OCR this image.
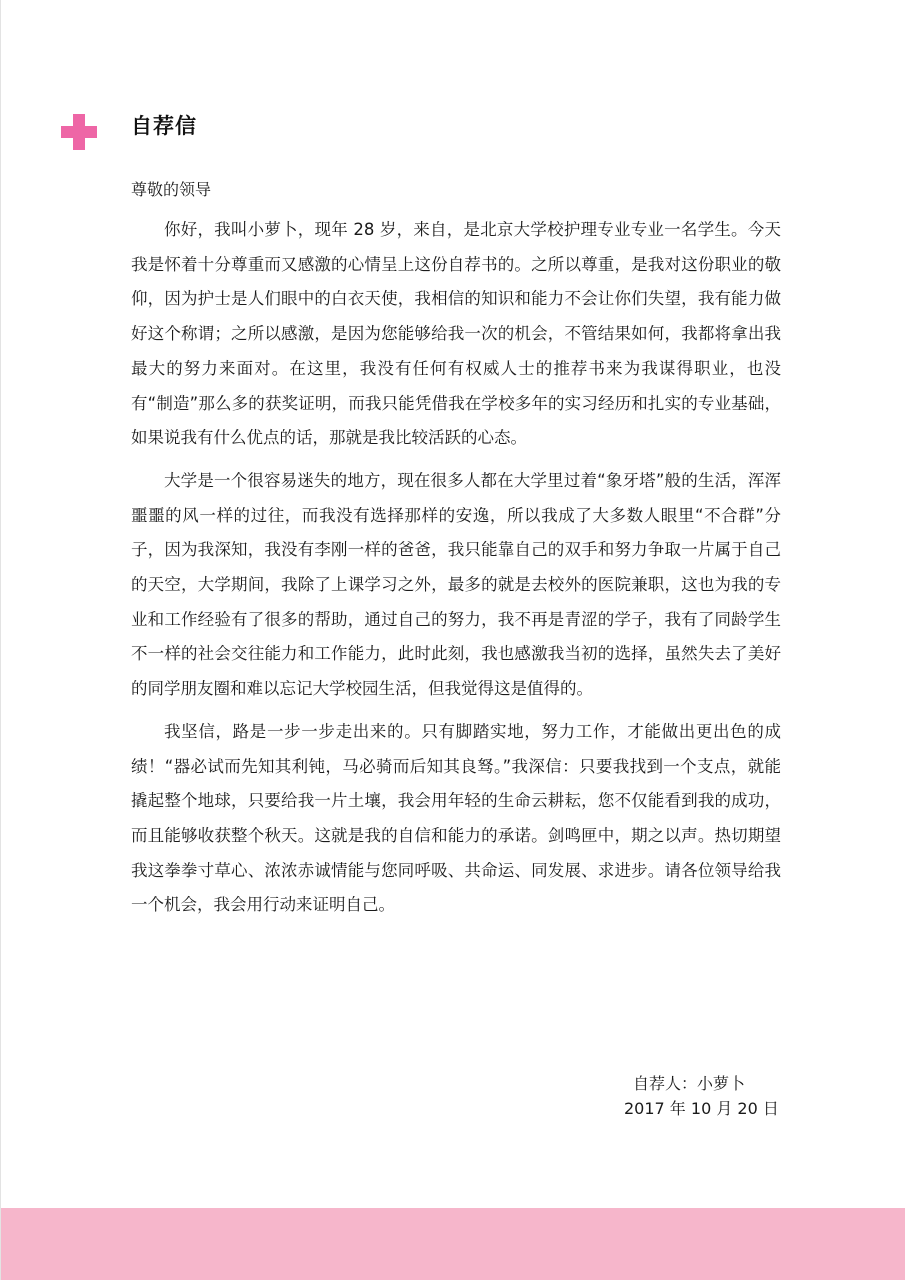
自荐信

尊敬的领导

你好，我叫小萝卜，现年 28 岁，来自，是北京大学校护理专业专业一名学生。今天我是怀着十分尊重而又感激的心情呈上这份自荐书的。之所以尊重，是我对这份职业的敬仰，因为护士是人们眼中的白衣天使，我相信的知识和能力不会让你们失望，我有能力做好这个称谓；之所以感激，是因为您能够给我一次的机会，不管结果如何，我都将拿出我最大的努力来面对。在这里，我没有任何有权威人士的推荐书来为我谋得职业，也没有“制造”那么多的获奖证明，而我只能凭借我在学校多年的实习经历和扎实的专业基础，如果说我有什么优点的话，那就是我比较活跃的心态。

大学是一个很容易迷失的地方，现在很多人都在大学里过着“象牙塔”般的生活，浑浑噩噩的风一样的过往，而我没有选择那样的安逸，所以我成了大多数人眼里“不合群”分子，因为我深知，我没有李刚一样的爸爸，我只能靠自己的双手和努力争取一片属于自己的天空，大学期间，我除了上课学习之外，最多的就是去校外的医院兼职，这也为我的专业和工作经验有了很多的帮助，通过自己的努力，我不再是青涩的学子，我有了同龄学生不一样的社会交往能力和工作能力，此时此刻，我也感激我当初的选择，虽然失去了美好的同学朋友圈和难以忘记大学校园生活，但我觉得这是值得的。

我坚信，路是一步一步走出来的。只有脚踏实地，努力工作，才能做出更出色的成绩！“器必试而先知其利钝，马必骑而后知其良驽。”我深信：只要我找到一个支点，就能撬起整个地球，只要给我一片土壤，我会用年轻的生命云耕耘，您不仅能看到我的成功，而且能够收获整个秋天。这就是我的自信和能力的承诺。剑鸣匣中，期之以声。热切期望我这拳拳寸草心、浓浓赤诚情能与您同呼吸、共命运、同发展、求进步。请各位领导给我一个机会，我会用行动来证明自己。

自荐人：小萝卜
2017 年 10 月 20 日
